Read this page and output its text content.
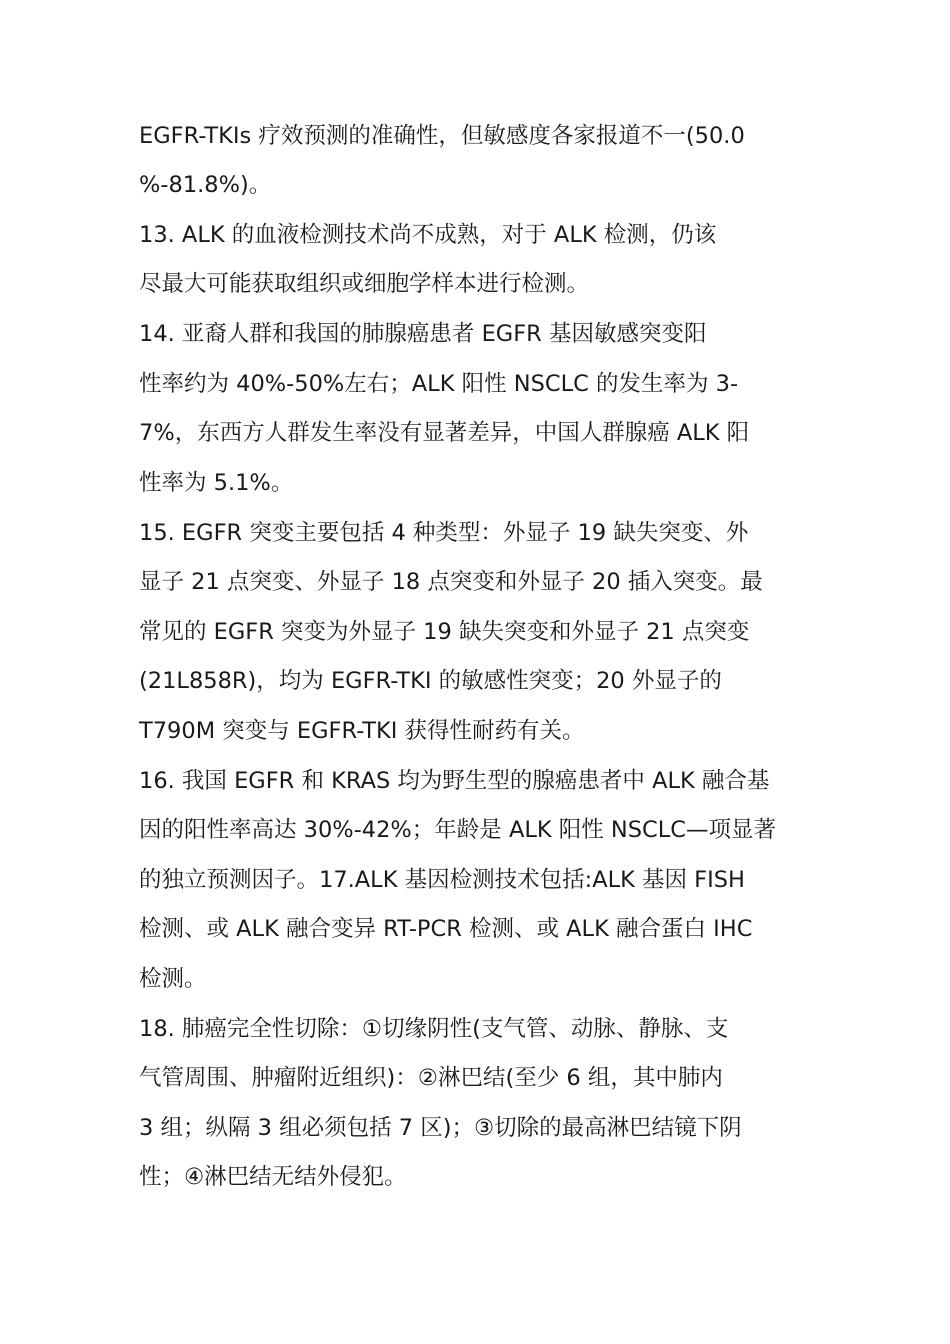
EGFR-TKIs 疗效预测的准确性，但敏感度各家报道不一(50.0
%-81.8%)。
13. ALK 的血液检测技术尚不成熟，对于 ALK 检测，仍该
尽最大可能获取组织或细胞学样本进行检测。
14. 亚裔人群和我国的肺腺癌患者 EGFR 基因敏感突变阳
性率约为 40%-50%左右；ALK 阳性 NSCLC 的发生率为 3-
7%，东西方人群发生率没有显著差异，中国人群腺癌 ALK 阳
性率为 5.1%。
15. EGFR 突变主要包括 4 种类型：外显子 19 缺失突变、外
显子 21 点突变、外显子 18 点突变和外显子 20 插入突变。最
常见的 EGFR 突变为外显子 19 缺失突变和外显子 21 点突变
(21L858R)，均为 EGFR-TKI 的敏感性突变；20 外显子的
T790M 突变与 EGFR-TKI 获得性耐药有关。
16. 我国 EGFR 和 KRAS 均为野生型的腺癌患者中 ALK 融合基
因的阳性率高达 30%-42%；年龄是 ALK 阳性 NSCLC—项显著
的独立预测因子。17.ALK 基因检测技术包括:ALK 基因 FISH
检测、或 ALK 融合变异 RT-PCR 检测、或 ALK 融合蛋白 IHC
检测。
18. 肺癌完全性切除：①切缘阴性(支气管、动脉、静脉、支
气管周围、肿瘤附近组织)：②淋巴结(至少 6 组，其中肺内
3 组；纵隔 3 组必须包括 7 区)；③切除的最高淋巴结镜下阴
性；④淋巴结无结外侵犯。
